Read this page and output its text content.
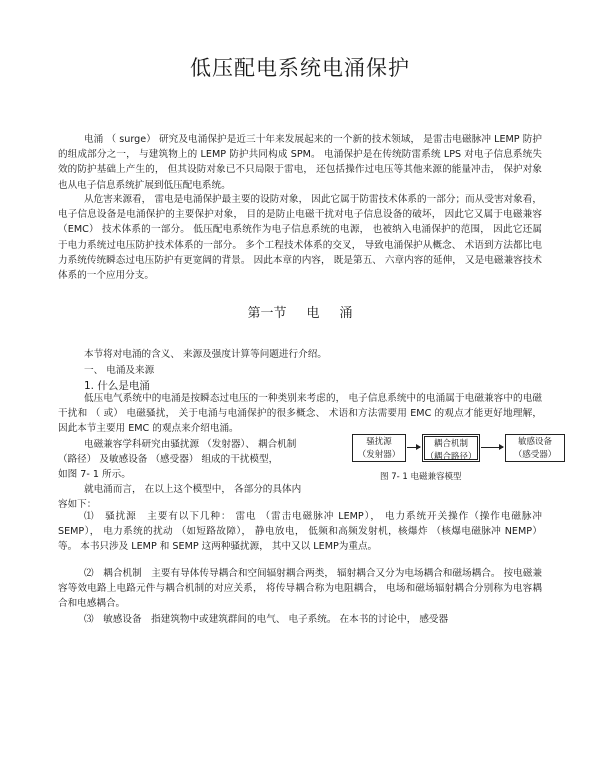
低压配电系统电涌保护

电涌 （ surge） 研究及电涌保护是近三十年来发展起来的一个新的技术领域， 是雷击电磁脉冲 LEMP 防护的组成部分之一， 与建筑物上的 LEMP 防护共同构成 SPM。 电涌保护是在传统防雷系统 LPS 对电子信息系统失效的防护基础上产生的， 但其设防对象已不只局限于雷电， 还包括操作过电压等其他来源的能量冲击， 保护对象也从电子信息系统扩展到低压配电系统。

从危害来源看， 雷电是电涌保护最主要的设防对象， 因此它属于防雷技术体系的一部分；而从受害对象看， 电子信息设备是电涌保护的主要保护对象， 目的是防止电磁干扰对电子信息设备的破坏， 因此它又属于电磁兼容 （EMC） 技术体系的一部分。 低压配电系统作为电子信息系统的电源， 也被纳入电涌保护的范围， 因此它还属于电力系统过电压防护技术体系的一部分。 多个工程技术体系的交叉， 导致电涌保护从概念、 术语到方法都比电力系统传统瞬态过电压防护有更宽阔的背景。 因此本章的内容， 既是第五、 六章内容的延伸， 又是电磁兼容技术体系的一个应用分支。

第一节 电 涌

本节将对电涌的含义、 来源及强度计算等问题进行介绍。

一、 电涌及来源

1. 什么是电涌

低压电气系统中的电涌是按瞬态过电压的一种类别来考虑的， 电子信息系统中的电涌属于电磁兼容中的电磁干扰和 （ 或） 电磁骚扰， 关于电涌与电涌保护的很多概念、 术语和方法需要用 EMC 的观点才能更好地理解， 因此本节主要用 EMC 的观点来介绍电涌。

电磁兼容学科研究由骚扰源 （发射器）、 耦合机制

（路径） 及敏感设备 （感受器） 组成的干扰模型，

如图 7- 1 所示。

就电涌而言， 在以上这个模型中， 各部分的具体内

容如下：

骚扰源
（发射器）
耦合机制
（耦合路径）
敏感设备
（感受器）
图 7- 1 电磁兼容模型

⑴　骚扰源　主要有以下几种： 雷电 （雷击电磁脉冲 LEMP）， 电力系统开关操作（操作电磁脉冲 SEMP）， 电力系统的扰动 （如短路故障）， 静电放电， 低频和高频发射机，核爆炸 （核爆电磁脉冲 NEMP） 等。 本书只涉及 LEMP 和 SEMP 这两种骚扰源， 其中又以 LEMP为重点。

⑵　耦合机制　主要有导体传导耦合和空间辐射耦合两类， 辐射耦合又分为电场耦合和磁场耦合。 按电磁兼容等效电路上电路元件与耦合机制的对应关系， 将传导耦合称为电阻耦合， 电场和磁场辐射耦合分别称为电容耦合和电感耦合。

⑶　敏感设备　指建筑物中或建筑群间的电气、 电子系统。 在本书的讨论中， 感受器
